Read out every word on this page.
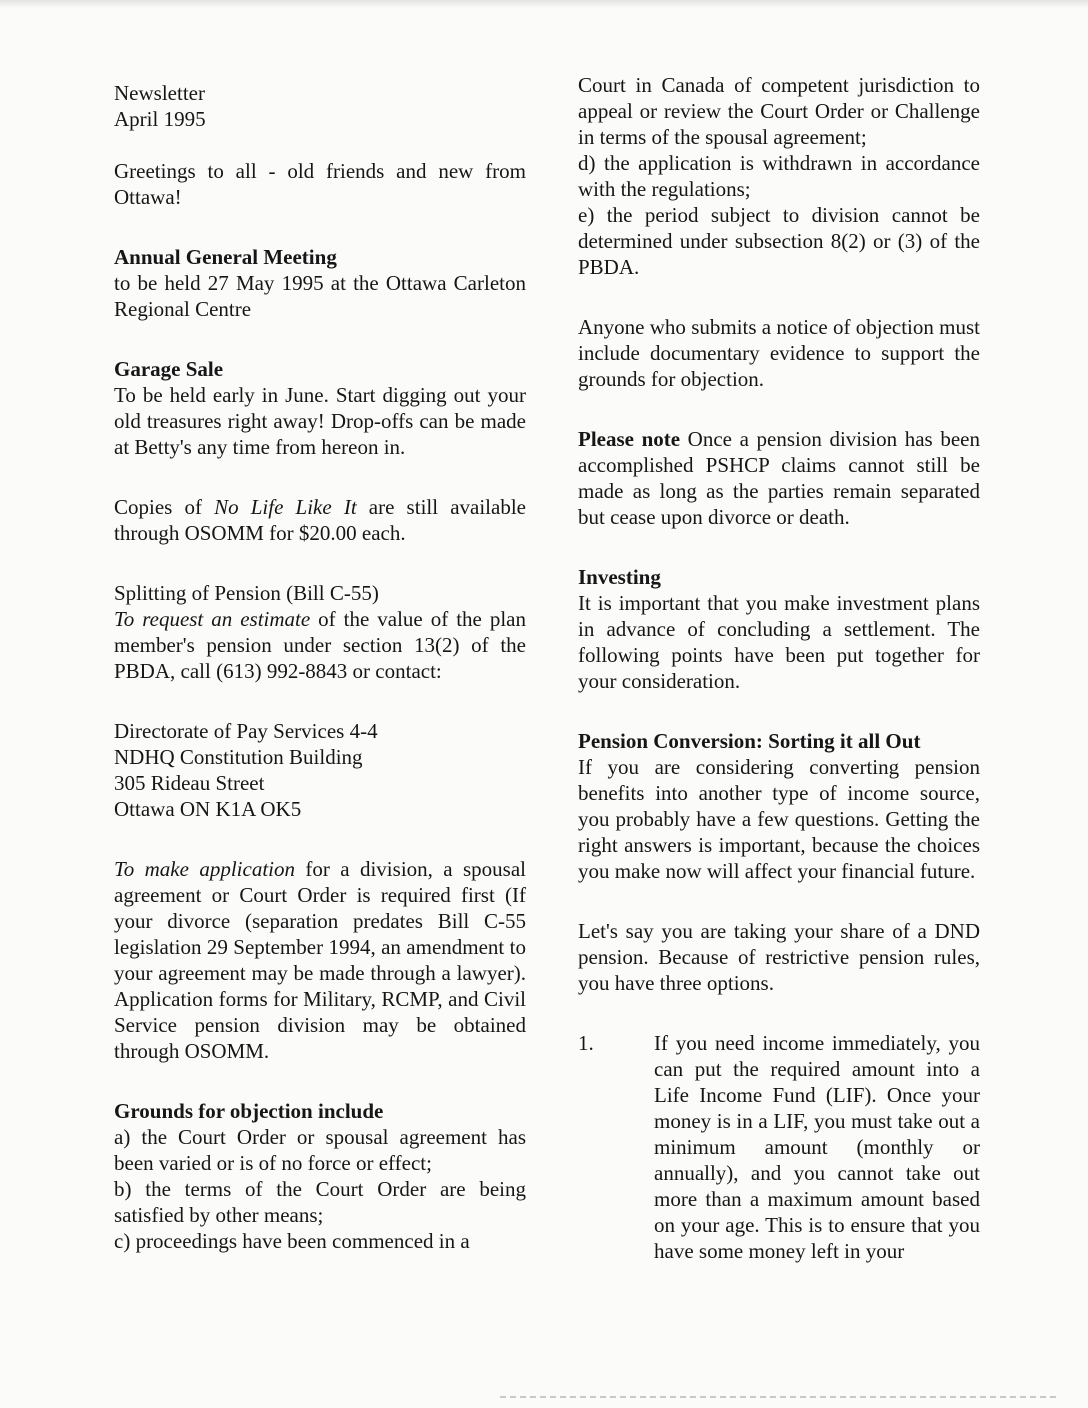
Newsletter

April 1995

Greetings to all - old friends and new from Ottawa!

Annual General Meeting

to be held 27 May 1995 at the Ottawa Carleton Regional Centre

Garage Sale

To be held early in June. Start digging out your old treasures right away! Drop-offs can be made at Betty's any time from hereon in.

Copies of No Life Like It are still available through OSOMM for $20.00 each.

Splitting of Pension (Bill C-55)

To request an estimate of the value of the plan member's pension under section 13(2) of the PBDA, call (613) 992-8843 or contact:

Directorate of Pay Services 4-4

NDHQ Constitution Building

305 Rideau Street

Ottawa ON K1A OK5

To make application for a division, a spousal agreement or Court Order is required first (If your divorce (separation predates Bill C-55 legislation 29 September 1994, an amendment to your agreement may be made through a lawyer). Application forms for Military, RCMP, and Civil Service pension division may be obtained through OSOMM.

Grounds for objection include

a) the Court Order or spousal agreement has been varied or is of no force or effect;

b) the terms of the Court Order are being satisfied by other means;

c) proceedings have been commenced in a

Court in Canada of competent jurisdiction to appeal or review the Court Order or Challenge in terms of the spousal agreement;

d) the application is withdrawn in accordance with the regulations;

e) the period subject to division cannot be determined under subsection 8(2) or (3) of the PBDA.

Anyone who submits a notice of objection must include documentary evidence to support the grounds for objection.

Please note Once a pension division has been accomplished PSHCP claims cannot still be made as long as the parties remain separated but cease upon divorce or death.

Investing

It is important that you make investment plans in advance of concluding a settlement. The following points have been put together for your consideration.

Pension Conversion: Sorting it all Out

If you are considering converting pension benefits into another type of income source, you probably have a few questions. Getting the right answers is important, because the choices you make now will affect your financial future.

Let's say you are taking your share of a DND pension. Because of restrictive pension rules, you have three options.

1.	If you need income immediately, you can put the required amount into a Life Income Fund (LIF). Once your money is in a LIF, you must take out a minimum amount (monthly or annually), and you cannot take out more than a maximum amount based on your age. This is to ensure that you have some money left in your
